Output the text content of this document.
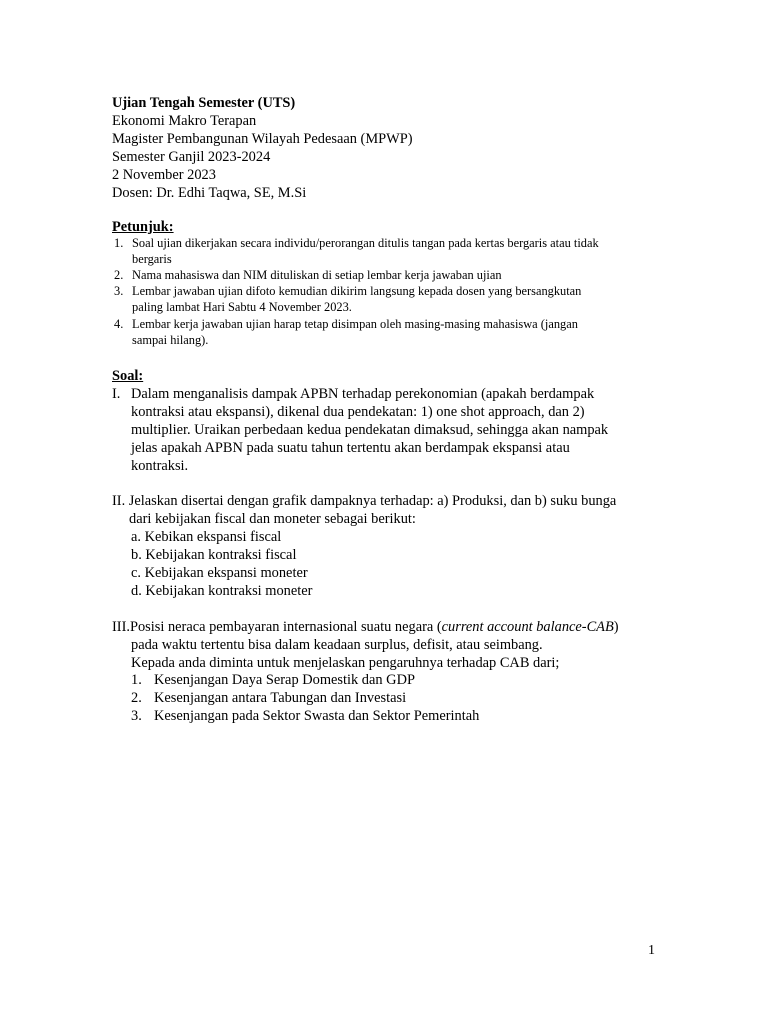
Ujian Tengah Semester (UTS)
Ekonomi Makro Terapan
Magister Pembangunan Wilayah Pedesaan (MPWP)
Semester Ganjil 2023-2024
2 November 2023
Dosen: Dr. Edhi Taqwa, SE, M.Si
Petunjuk:
1. Soal ujian dikerjakan secara individu/perorangan ditulis tangan pada kertas bergaris atau tidak
bergaris
2. Nama mahasiswa dan NIM dituliskan di setiap lembar kerja jawaban ujian
3. Lembar jawaban ujian difoto kemudian dikirim langsung kepada dosen yang bersangkutan
paling lambat Hari Sabtu 4 November 2023.
4. Lembar kerja jawaban ujian harap tetap disimpan oleh masing-masing mahasiswa (jangan
sampai hilang).
Soal:
I. Dalam menganalisis dampak APBN terhadap perekonomian (apakah berdampak
kontraksi atau ekspansi), dikenal dua pendekatan: 1) one shot approach, dan 2)
multiplier. Uraikan perbedaan kedua pendekatan dimaksud, sehingga akan nampak
jelas apakah APBN pada suatu tahun tertentu akan berdampak ekspansi atau
kontraksi.
II. Jelaskan disertai dengan grafik dampaknya terhadap: a) Produksi, dan b) suku bunga
dari kebijakan fiscal dan moneter sebagai berikut:
a. Kebikan ekspansi fiscal
b. Kebijakan kontraksi fiscal
c. Kebijakan ekspansi moneter
d. Kebijakan kontraksi moneter
III.Posisi neraca pembayaran internasional suatu negara (current account balance-CAB)
pada waktu tertentu bisa dalam keadaan surplus, defisit, atau seimbang.
Kepada anda diminta untuk menjelaskan pengaruhnya terhadap CAB dari;
1. Kesenjangan Daya Serap Domestik dan GDP
2. Kesenjangan antara Tabungan dan Investasi
3. Kesenjangan pada Sektor Swasta dan Sektor Pemerintah
1
